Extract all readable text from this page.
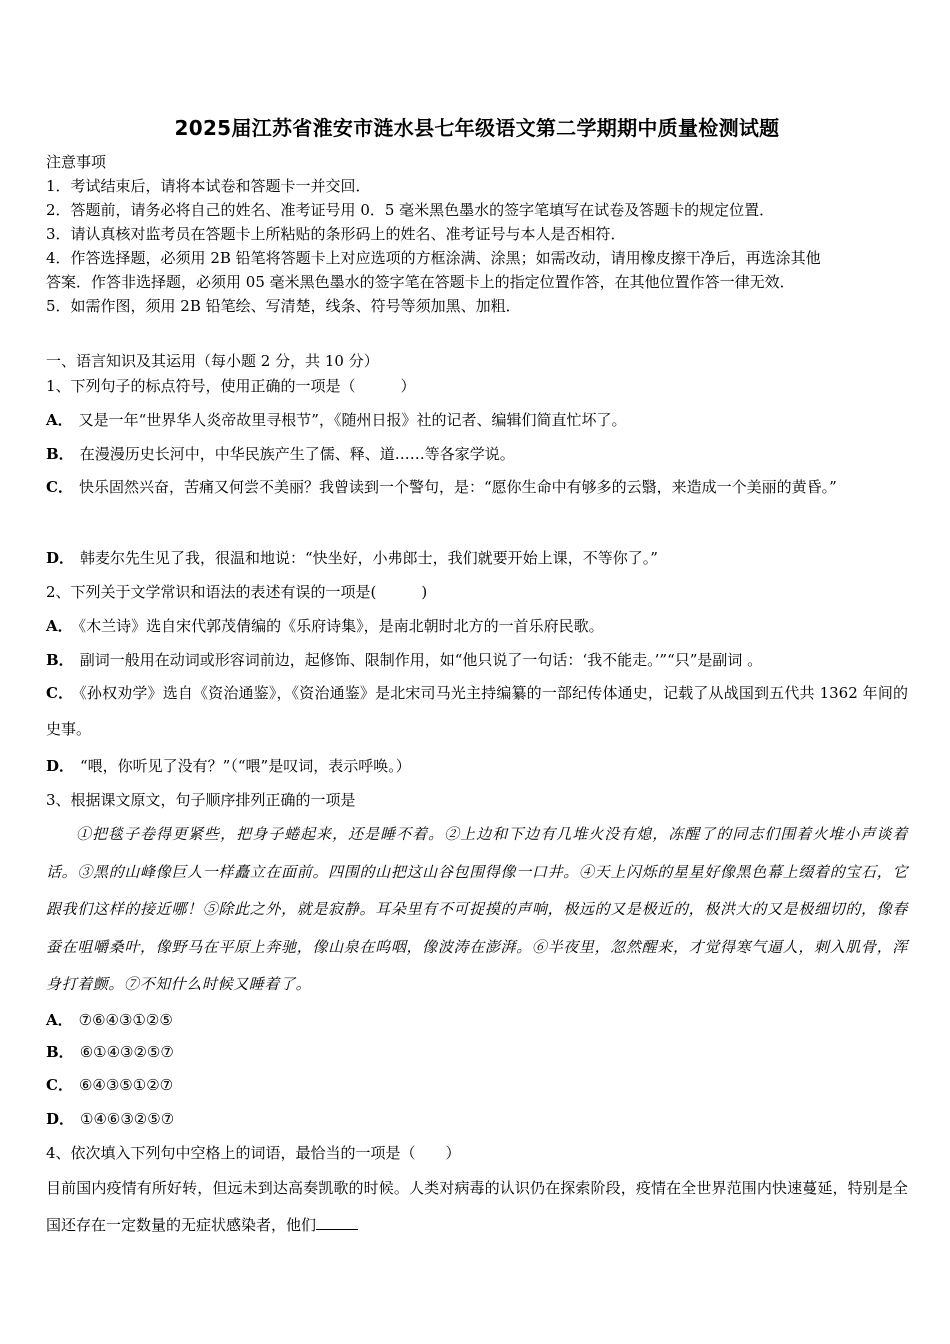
2025届江苏省淮安市涟水县七年级语文第二学期期中质量检测试题
注意事项
1．考试结束后，请将本试卷和答题卡一并交回．
2．答题前，请务必将自己的姓名、准考证号用 0．5 毫米黑色墨水的签字笔填写在试卷及答题卡的规定位置．
3．请认真核对监考员在答题卡上所粘贴的条形码上的姓名、准考证号与本人是否相符．
4．作答选择题，必须用 2B 铅笔将答题卡上对应选项的方框涂满、涂黑；如需改动，请用橡皮擦干净后，再选涂其他
答案．作答非选择题，必须用 05 毫米黑色墨水的签字笔在答题卡上的指定位置作答，在其他位置作答一律无效．
5．如需作图，须用 2B 铅笔绘、写清楚，线条、符号等须加黑、加粗．
一、语言知识及其运用（每小题 2 分，共 10 分）
1、下列句子的标点符号，使用正确的一项是（　　　）
A． 又是一年“世界华人炎帝故里寻根节”，《随州日报》社的记者、编辑们简直忙坏了。
B． 在漫漫历史长河中，中华民族产生了儒、释、道……等各家学说。
C． 快乐固然兴奋，苦痛又何尝不美丽？我曾读到一个警句，是：“愿你生命中有够多的云翳，来造成一个美丽的黄昏。”
D． 韩麦尔先生见了我，很温和地说：“快坐好，小弗郎士，我们就要开始上课，不等你了。”
2、下列关于文学常识和语法的表述有误的一项是(　　　)
A． 《木兰诗》选自宋代郭茂倩编的《乐府诗集》，是南北朝时北方的一首乐府民歌。
B． 副词一般用在动词或形容词前边，起修饰、限制作用，如“他只说了一句话：‘我不能走。’”“只”是副词 。
C． 《孙权劝学》选自《资治通鉴》，《资治通鉴》是北宋司马光主持编纂的一部纪传体通史，记载了从战国到五代共 1362 年间的史事。
D． “喂，你听见了没有？”（“喂”是叹词，表示呼唤。）
3、根据课文原文，句子顺序排列正确的一项是
①把毯子卷得更紧些，把身子蜷起来，还是睡不着。②上边和下边有几堆火没有熄，冻醒了的同志们围着火堆小声谈着话。③黑的山峰像巨人一样矗立在面前。四围的山把这山谷包围得像一口井。④天上闪烁的星星好像黑色幕上缀着的宝石，它跟我们这样的接近哪！⑤除此之外，就是寂静。耳朵里有不可捉摸的声响，极远的又是极近的，极洪大的又是极细切的，像春蚕在咀嚼桑叶，像野马在平原上奔驰，像山泉在呜咽，像波涛在澎湃。⑥半夜里，忽然醒来，才觉得寒气逼人，刺入肌骨，浑身打着颤。⑦不知什么时候又睡着了。
A． ⑦⑥④③①②⑤
B． ⑥①④③②⑤⑦
C． ⑥④③⑤①②⑦
D． ①④⑥③②⑤⑦
4、依次填入下列句中空格上的词语，最恰当的一项是（　　）
目前国内疫情有所好转，但远未到达高奏凯歌的时候。人类对病毒的认识仍在探索阶段，疫情在全世界范围内快速蔓延，特别是全国还存在一定数量的无症状感染者，他们
